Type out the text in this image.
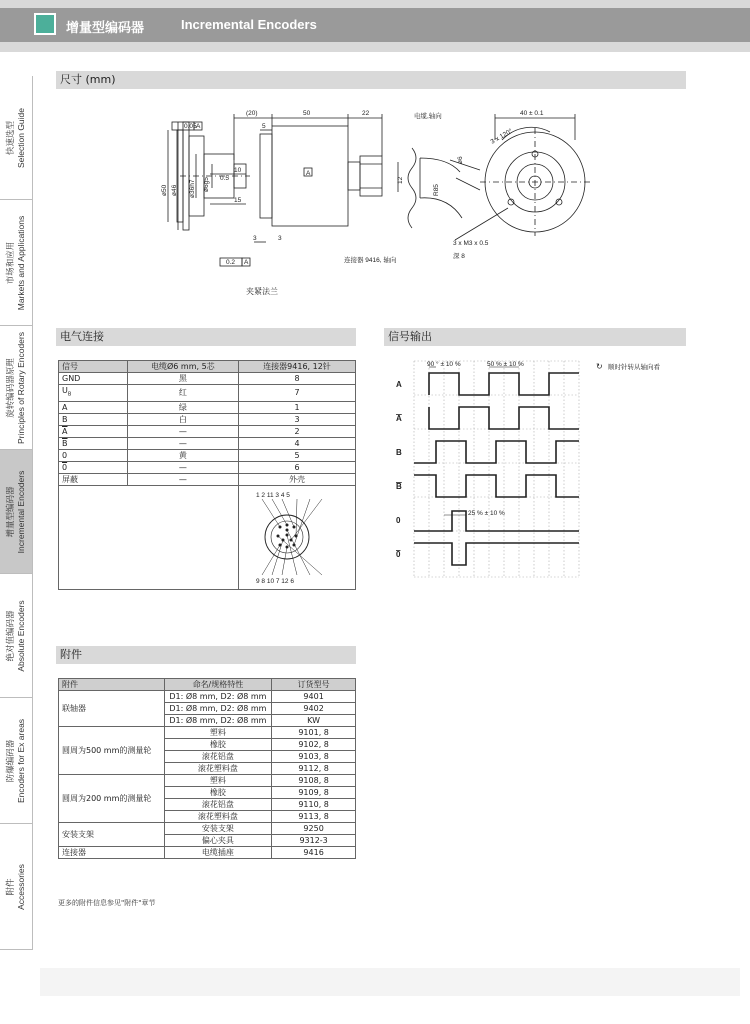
增量型编码器	Incremental Encoders
快速选型
Selection Guide
市场和应用
Markets and Applications
旋转编码器原理
Principles of Rotary Encoders
增量型编码器
Incremental Encoders
绝对值编码器
Absolute Encoders
防爆编码器
Encoders for Ex areas
附件
Accessories
尺寸 (mm)
0.05 A
0.2 A
(20)	50	22
5
10
0.5
15
3	3
A
ø50 ø46 ø36h7 ø6g5
电缆,轴向
12
R85
ø6
40 ± 0.1
3 x 120°
3 x M3 x 0.5
深 8
连接器 9416, 轴向
夹紧法兰
电气连接
信号	电缆Ø6 mm, 5芯	连接器9416, 12针
GND	黑	8
$U_B$	红	7
A	绿	1
B	白	3
$\overline{A}$	—	2
$\overline{B}$	—	4
0	黄	5
0	—	6
屏蔽	—	外壳

1 2 11 3 4 5
9 8 10 7 12 6
信号输出
90 ° ± 10 %	50 % ± 10 %
25 % ± 10 %
A
A
B
B
0
0
↻ 顺时针转从轴向看
附件
附件	命名/规格特性	订货型号
联轴器	D1: Ø8 mm, D2: Ø8 mm	9401
	D1: Ø8 mm, D2: Ø8 mm	9402
	D1: Ø8 mm, D2: Ø8 mm	KW
圆周为500 mm的测量轮	塑料	9101, 8
	橡胶	9102, 8
	滚花铝盘	9103, 8
	滚花塑料盘	9112, 8
圆周为200 mm的测量轮	塑料	9108, 8
	橡胶	9109, 8
	滚花铝盘	9110, 8
	滚花塑料盘	9113, 8
安装支架	安装支架	9250
	偏心夹具	9312-3
连接器	电缆插座	9416
更多的附件信息参见"附件"章节
